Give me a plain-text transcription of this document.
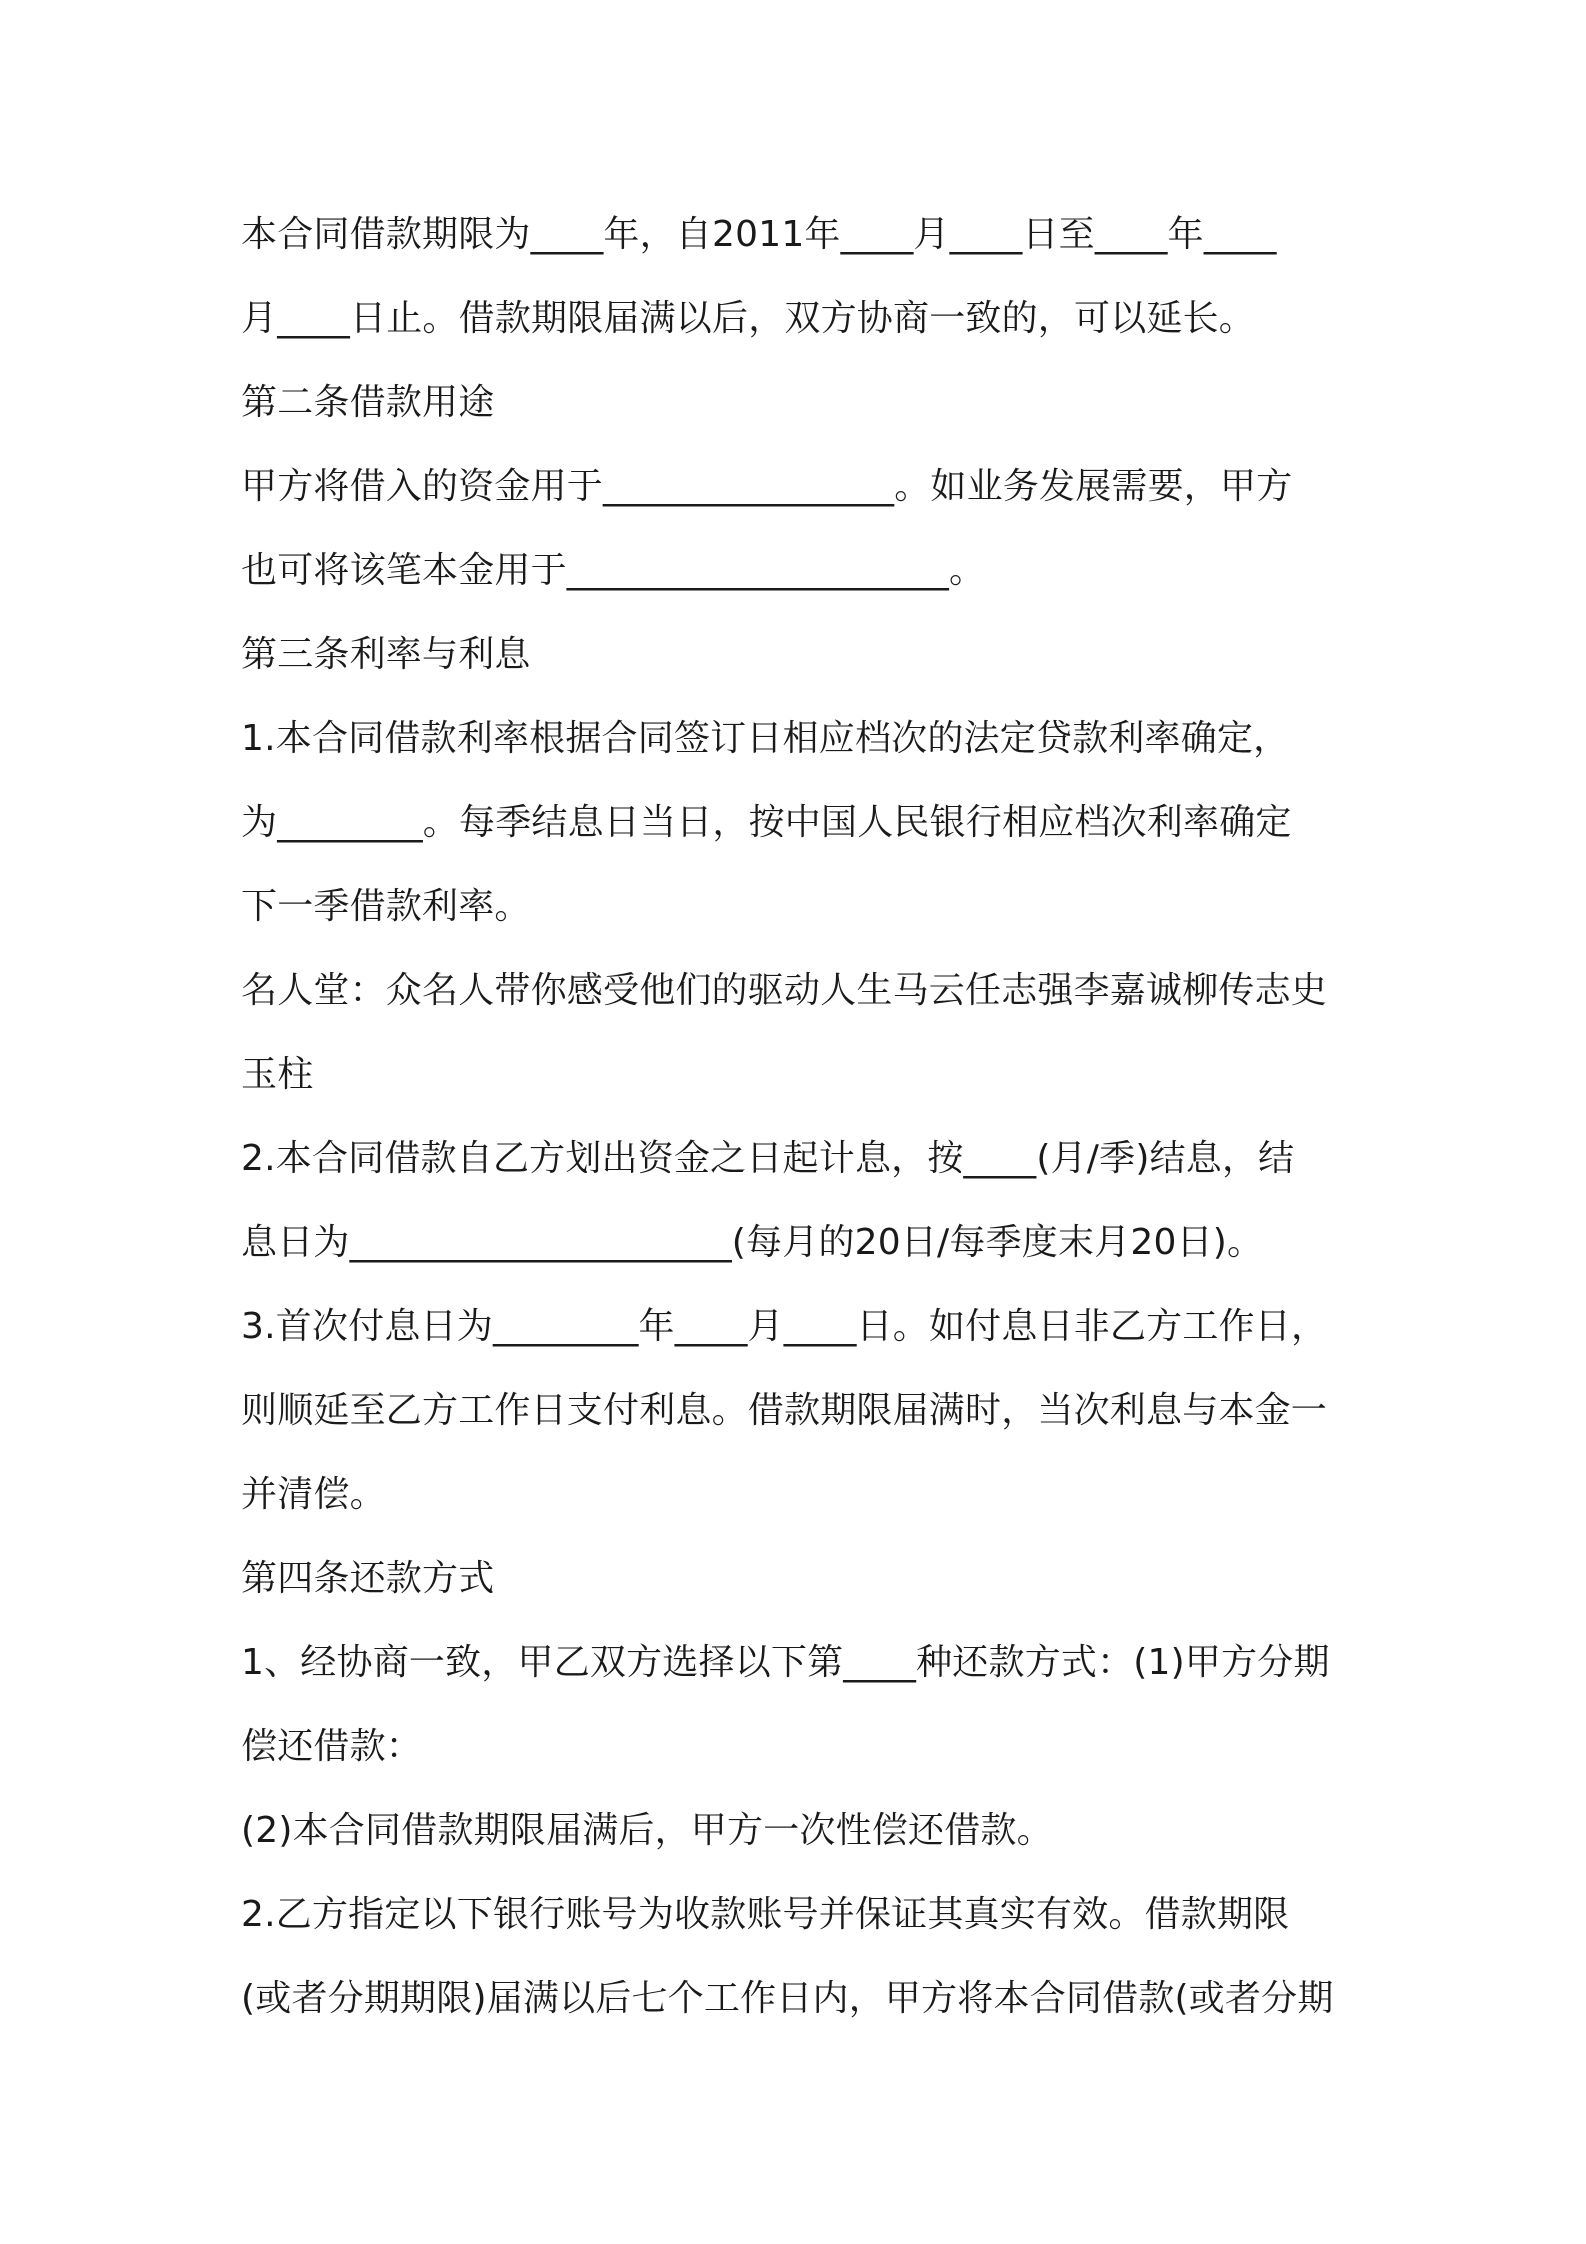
本合同借款期限为____年，自2011年____月____日至____年____
月____日止。借款期限届满以后，双方协商一致的，可以延长。
第二条借款用途
甲方将借入的资金用于________________。如业务发展需要，甲方
也可将该笔本金用于_____________________。
第三条利率与利息
1.本合同借款利率根据合同签订日相应档次的法定贷款利率确定，
为________。每季结息日当日，按中国人民银行相应档次利率确定
下一季借款利率。
名人堂：众名人带你感受他们的驱动人生马云任志强李嘉诚柳传志史
玉柱
2.本合同借款自乙方划出资金之日起计息，按____(月/季)结息，结
息日为_____________________(每月的20日/每季度末月20日)。
3.首次付息日为________年____月____日。如付息日非乙方工作日，
则顺延至乙方工作日支付利息。借款期限届满时，当次利息与本金一
并清偿。
第四条还款方式
1、经协商一致，甲乙双方选择以下第____种还款方式：(1)甲方分期
偿还借款：
(2)本合同借款期限届满后，甲方一次性偿还借款。
2.乙方指定以下银行账号为收款账号并保证其真实有效。借款期限
(或者分期期限)届满以后七个工作日内，甲方将本合同借款(或者分期
